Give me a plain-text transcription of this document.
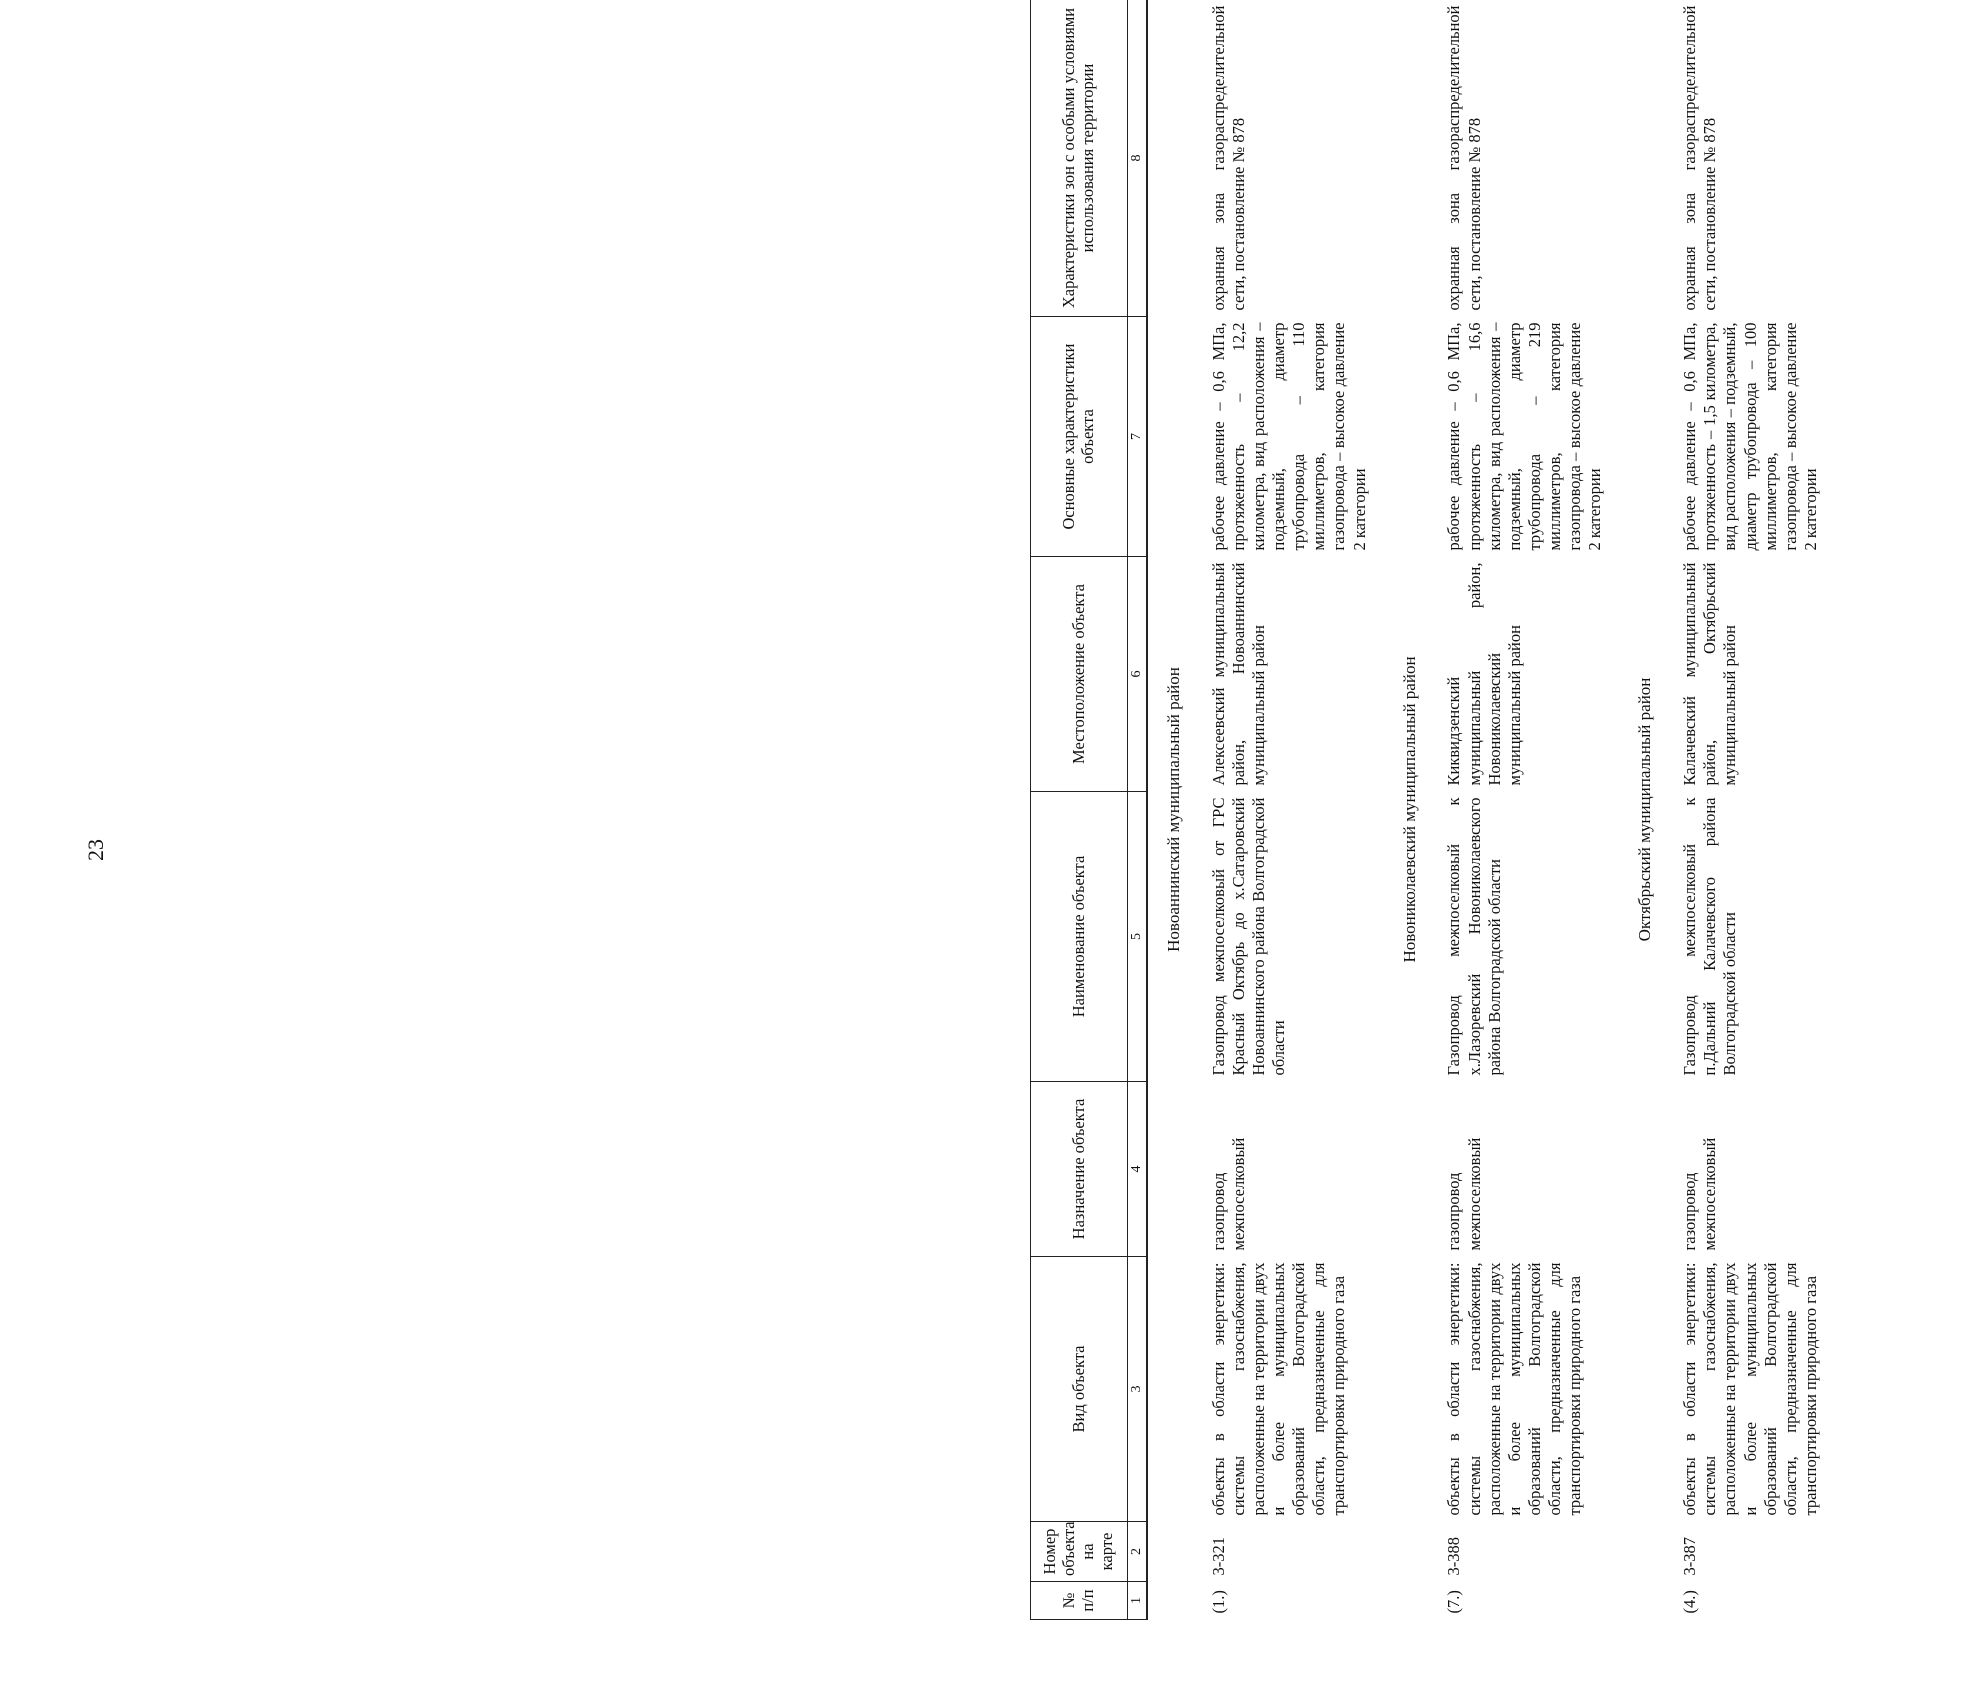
23
№ п/п	Номер объекта на карте	Вид объекта	Назначение объекта	Наименование объекта	Местоположение объекта	Основные характеристики объекта	Характеристики зон с особыми условиями использования территории
1	2	3	4	5	6	7	8
Новоаннинский муниципальный район							
(1.)	3-321	объекты в области энергетики: системы газоснабжения, расположенные на территории двух и более муниципальных образований Волгоградской области, предназначенные для транспортировки природного газа	газопровод межпоселковый	Газопровод межпоселковый от ГРС Красный Октябрь до х.Сатаровский Новоаннинского района Волгоградской области	Алексеевский муниципальный район, Новоаннинский муниципальный район	рабочее давление – 0,6 МПа, протяженность – 12,2 километра, вид расположения – подземный, диаметр трубопровода – 110 миллиметров, категория газопровода – высокое давление 2 категории	охранная зона газораспределительной сети, постановление № 878
Новониколаевский муниципальный район							
(7.)	3-388	объекты в области энергетики: системы газоснабжения, расположенные на территории двух и более муниципальных образований Волгоградской области, предназначенные для транспортировки природного газа	газопровод межпоселковый	Газопровод межпоселковый к х.Лазоревский Новониколаевского района Волгоградской области	Киквидзенский муниципальный район, Новониколаевский муниципальный район	рабочее давление – 0,6 МПа, протяженность – 16,6 километра, вид расположения – подземный, диаметр трубопровода – 219 миллиметров, категория газопровода – высокое давление 2 категории	охранная зона газораспределительной сети, постановление № 878
Октябрьский муниципальный район							
(4.)	3-387	объекты в области энергетики: системы газоснабжения, расположенные на территории двух и более муниципальных образований Волгоградской области, предназначенные для транспортировки природного газа	газопровод межпоселковый	Газопровод межпоселковый к п.Дальний Калачевского района Волгоградской области	Калачевский муниципальный район, Октябрьский муниципальный район	рабочее давление – 0,6 МПа, протяженность – 1,5 километра, вид расположения – подземный, диаметр трубопровода – 100 миллиметров, категория газопровода – высокое давление 2 категории	охранная зона газораспределительной сети, постановление № 878
